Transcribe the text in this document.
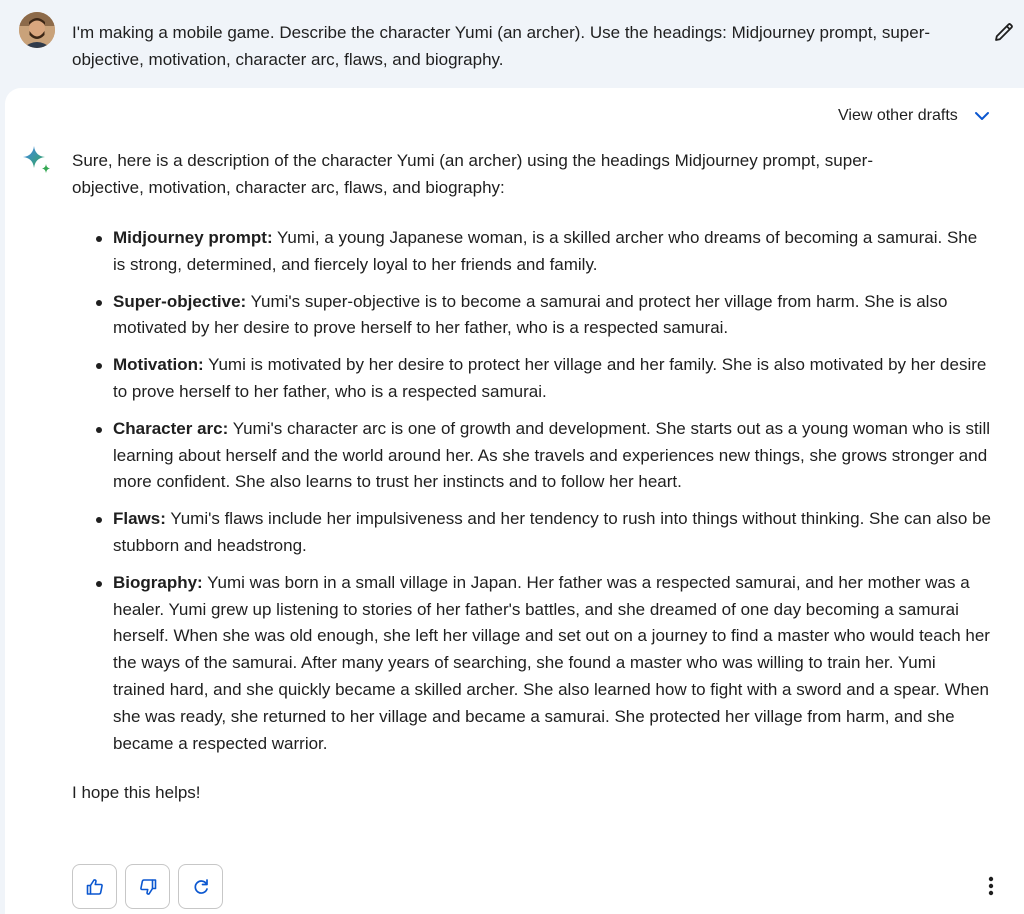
I'm making a mobile game. Describe the character Yumi (an archer). Use the headings: Midjourney prompt, super-objective, motivation, character arc, flaws, and biography.
View other drafts

Sure, here is a description of the character Yumi (an archer) using the headings Midjourney prompt, super-objective, motivation, character arc, flaws, and biography:

Midjourney prompt: Yumi, a young Japanese woman, is a skilled archer who dreams of becoming a samurai. She is strong, determined, and fiercely loyal to her friends and family.
Super-objective: Yumi's super-objective is to become a samurai and protect her village from harm. She is also motivated by her desire to prove herself to her father, who is a respected samurai.
Motivation: Yumi is motivated by her desire to protect her village and her family. She is also motivated by her desire to prove herself to her father, who is a respected samurai.
Character arc: Yumi's character arc is one of growth and development. She starts out as a young woman who is still learning about herself and the world around her. As she travels and experiences new things, she grows stronger and more confident. She also learns to trust her instincts and to follow her heart.
Flaws: Yumi's flaws include her impulsiveness and her tendency to rush into things without thinking. She can also be stubborn and headstrong.
Biography: Yumi was born in a small village in Japan. Her father was a respected samurai, and her mother was a healer. Yumi grew up listening to stories of her father's battles, and she dreamed of one day becoming a samurai herself. When she was old enough, she left her village and set out on a journey to find a master who would teach her the ways of the samurai. After many years of searching, she found a master who was willing to train her. Yumi trained hard, and she quickly became a skilled archer. She also learned how to fight with a sword and a spear. When she was ready, she returned to her village and became a samurai. She protected her village from harm, and she became a respected warrior.

I hope this helps!
